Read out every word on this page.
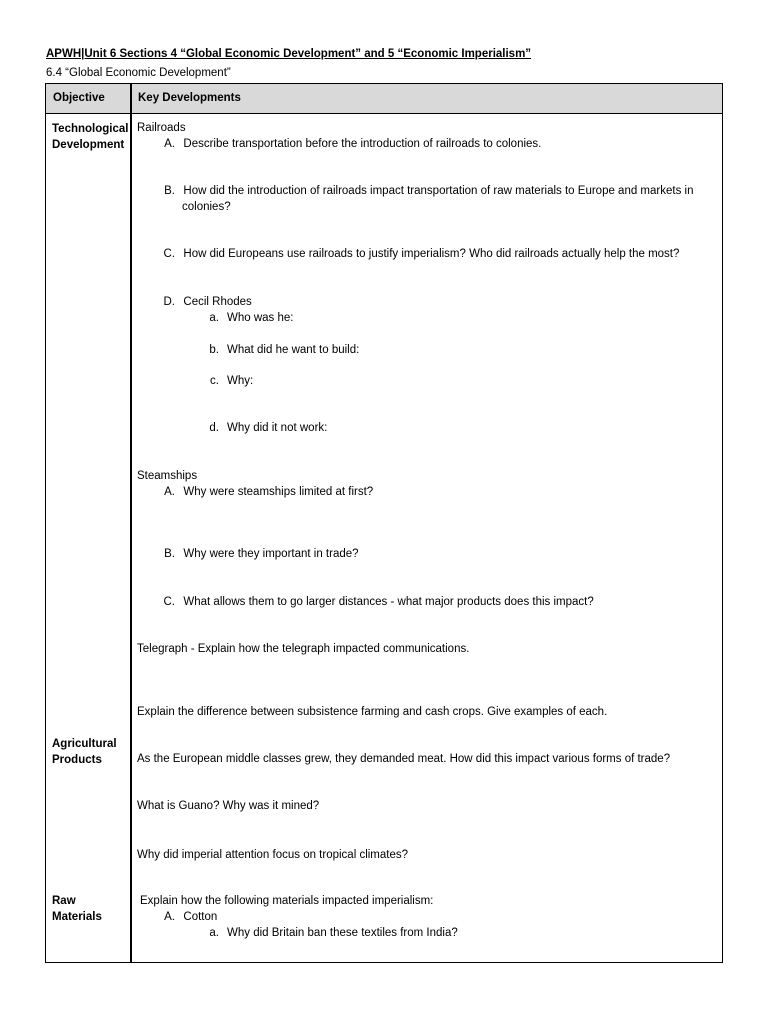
APWH|Unit 6 Sections 4 “Global Economic Development” and 5 “Economic Imperialism”
6.4 “Global Economic Development”
Objective	Key Developments
Technological
Development
Agricultural
Products
Raw
Materials
Railroads
A. Describe transportation before the introduction of railroads to colonies.
B. How did the introduction of railroads impact transportation of raw materials to Europe and markets in
colonies?
C. How did Europeans use railroads to justify imperialism? Who did railroads actually help the most?
D. Cecil Rhodes
a. Who was he:
b. What did he want to build:
c. Why:
d. Why did it not work:
Steamships
A. Why were steamships limited at first?
B. Why were they important in trade?
C. What allows them to go larger distances - what major products does this impact?
Telegraph - Explain how the telegraph impacted communications.
Explain the difference between subsistence farming and cash crops. Give examples of each.
As the European middle classes grew, they demanded meat. How did this impact various forms of trade?
What is Guano? Why was it mined?
Why did imperial attention focus on tropical climates?
Explain how the following materials impacted imperialism:
A. Cotton
a. Why did Britain ban these textiles from India?
